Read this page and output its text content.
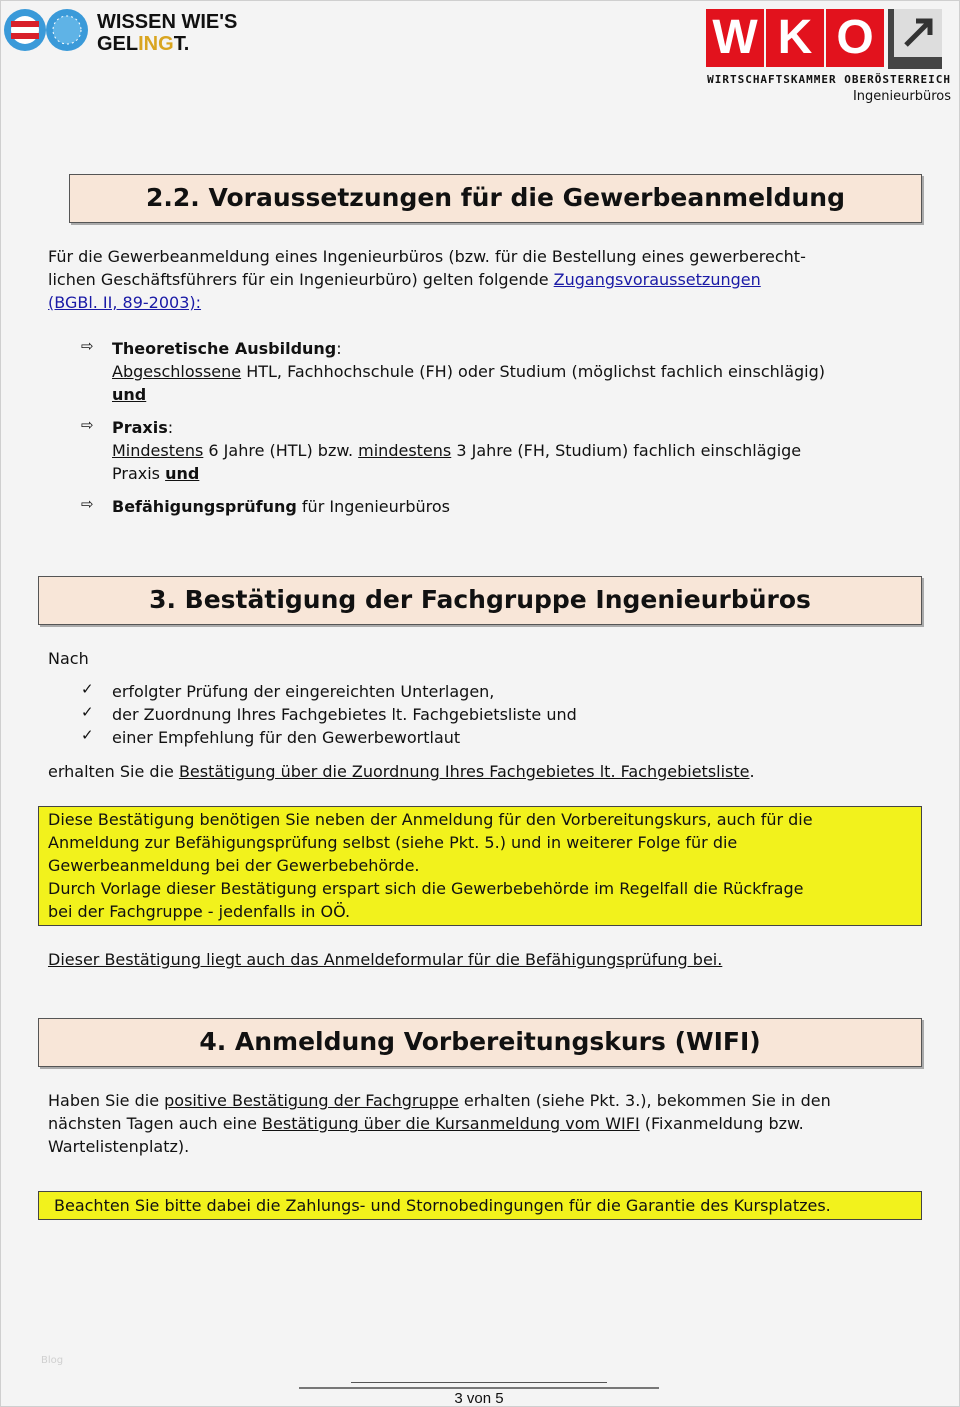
WISSEN WIE'S
GELINGT.	W K O
WIRTSCHAFTSKAMMER OBERÖSTERREICH
Ingenieurbüros
2.2. Voraussetzungen für die Gewerbeanmeldung
Für die Gewerbeanmeldung eines Ingenieurbüros (bzw. für die Bestellung eines gewerberecht-
lichen Geschäftsführers für ein Ingenieurbüro) gelten folgende Zugangsvoraussetzungen
(BGBl. II, 89-2003):
⇨ Theoretische Ausbildung:
Abgeschlossene HTL, Fachhochschule (FH) oder Studium (möglichst fachlich einschlägig)
und
⇨ Praxis:
Mindestens 6 Jahre (HTL) bzw. mindestens 3 Jahre (FH, Studium) fachlich einschlägige
Praxis und
⇨ Befähigungsprüfung für Ingenieurbüros
3. Bestätigung der Fachgruppe Ingenieurbüros
Nach
✓ erfolgter Prüfung der eingereichten Unterlagen,
✓ der Zuordnung Ihres Fachgebietes lt. Fachgebietsliste und
✓ einer Empfehlung für den Gewerbewortlaut
erhalten Sie die Bestätigung über die Zuordnung Ihres Fachgebietes lt. Fachgebietsliste.
Diese Bestätigung benötigen Sie neben der Anmeldung für den Vorbereitungskurs, auch für die
Anmeldung zur Befähigungsprüfung selbst (siehe Pkt. 5.) und in weiterer Folge für die
Gewerbeanmeldung bei der Gewerbebehörde.
Durch Vorlage dieser Bestätigung erspart sich die Gewerbebehörde im Regelfall die Rückfrage
bei der Fachgruppe - jedenfalls in OÖ.
Dieser Bestätigung liegt auch das Anmeldeformular für die Befähigungsprüfung bei.
4. Anmeldung Vorbereitungskurs (WIFI)
Haben Sie die positive Bestätigung der Fachgruppe erhalten (siehe Pkt. 3.), bekommen Sie in den
nächsten Tagen auch eine Bestätigung über die Kursanmeldung vom WIFI (Fixanmeldung bzw.
Wartelistenplatz).
Beachten Sie bitte dabei die Zahlungs- und Stornobedingungen für die Garantie des Kursplatzes.
Blog
3 von 5
